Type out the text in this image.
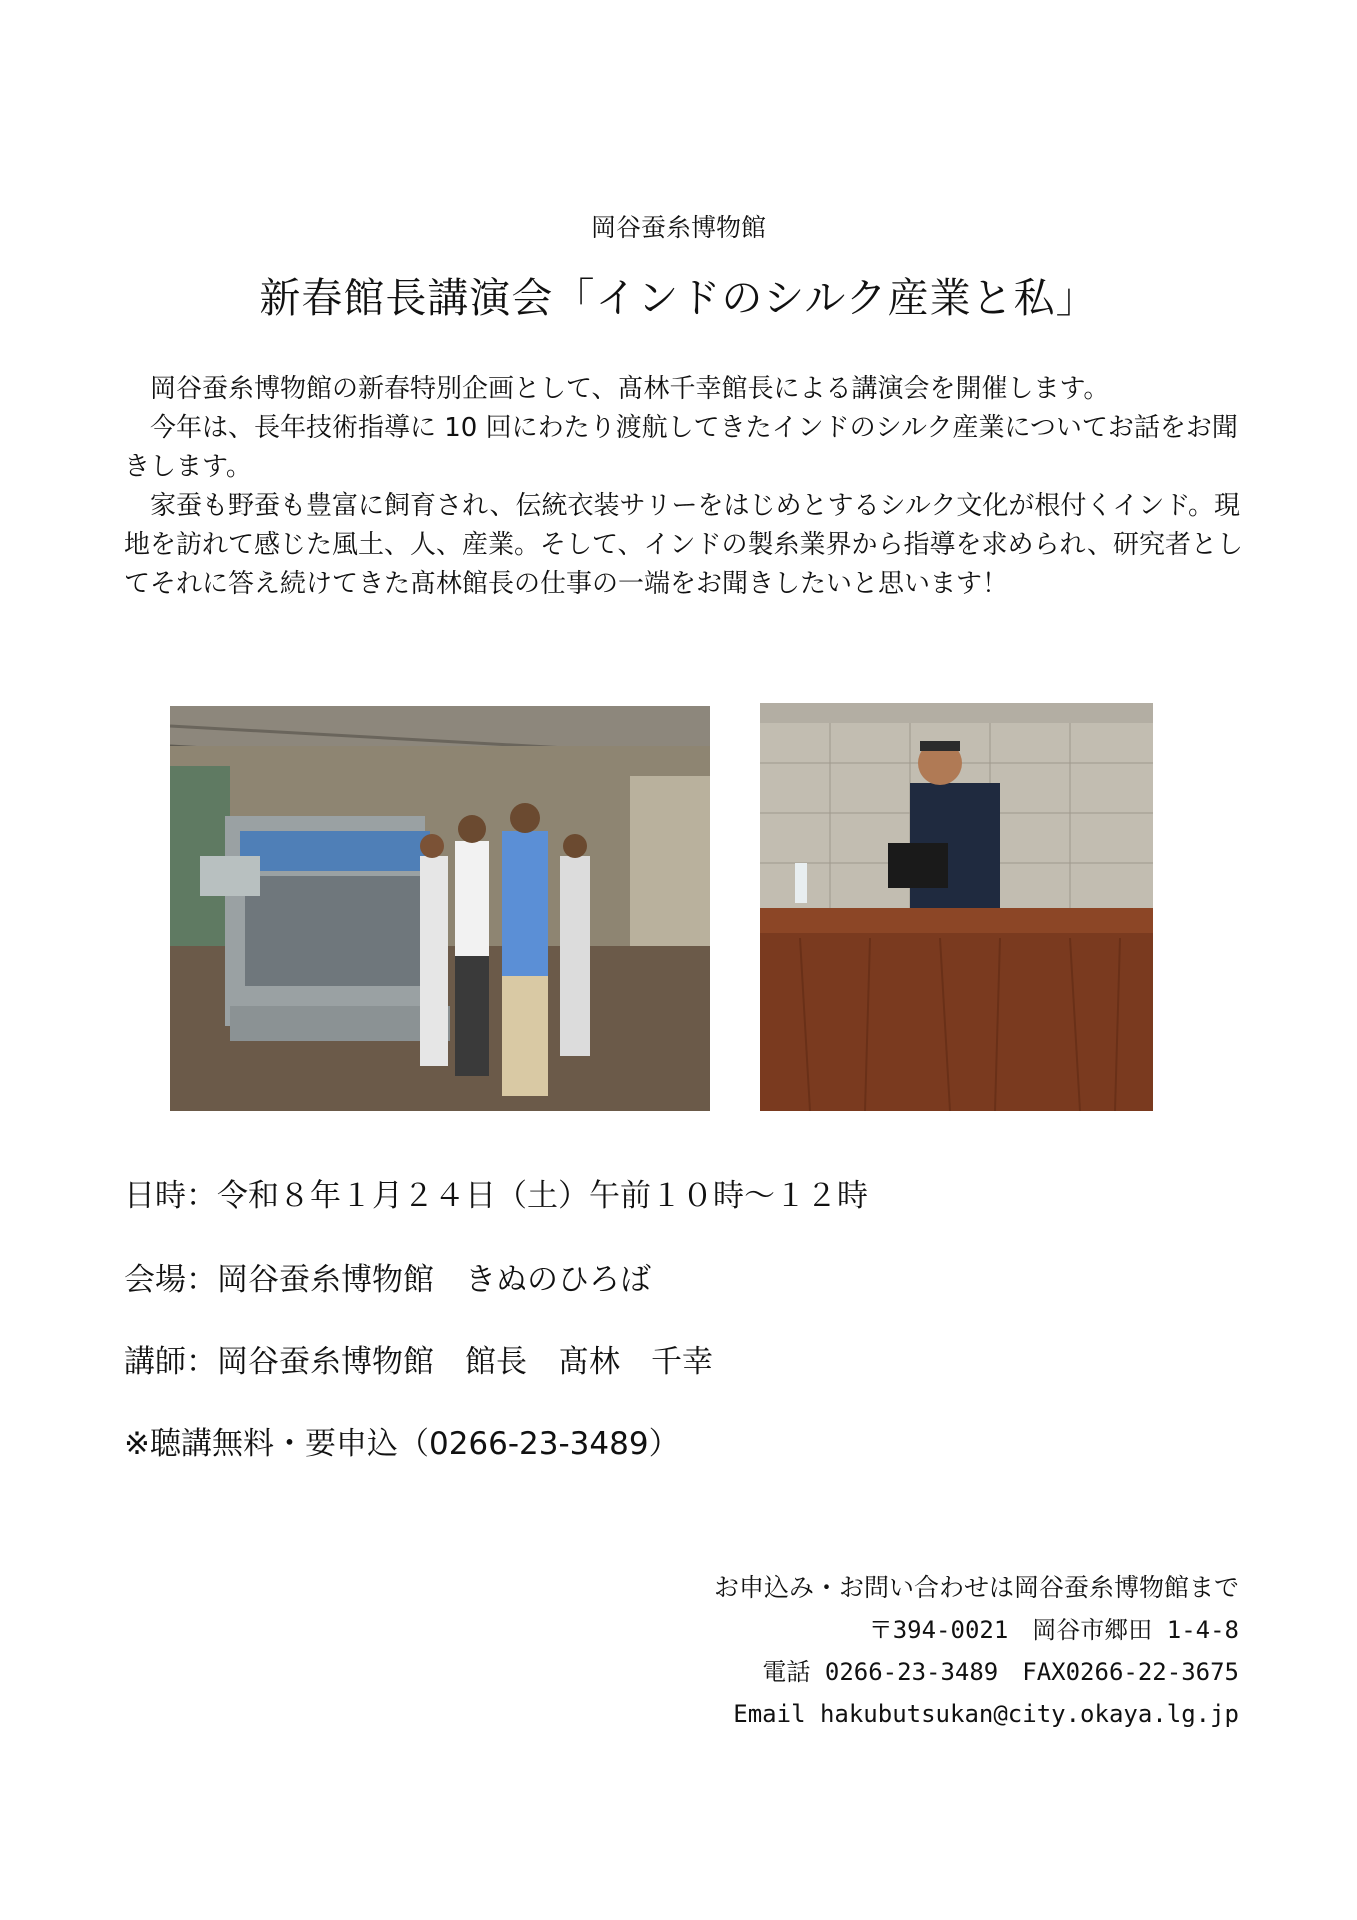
岡谷蚕糸博物館
新春館長講演会「インドのシルク産業と私」

岡谷蚕糸博物館の新春特別企画として、髙林千幸館長による講演会を開催します。

今年は、長年技術指導に 10 回にわたり渡航してきたインドのシルク産業についてお話をお聞きします。

家蚕も野蚕も豊富に飼育され、伝統衣装サリーをはじめとするシルク文化が根付くインド。現地を訪れて感じた風土、人、産業。そして、インドの製糸業界から指導を求められ、研究者としてそれに答え続けてきた髙林館長の仕事の一端をお聞きしたいと思います！

日時：令和８年１月２４日（土）午前１０時～１２時
会場：岡谷蚕糸博物館　きぬのひろば
講師：岡谷蚕糸博物館　館長　髙林　千幸
※聴講無料・要申込（0266-23-3489）
お申込み・お問い合わせは岡谷蚕糸博物館まで
〒394-0021　岡谷市郷田 1-4-8
電話 0266-23-3489　FAX0266-22-3675
Email hakubutsukan@city.okaya.lg.jp
